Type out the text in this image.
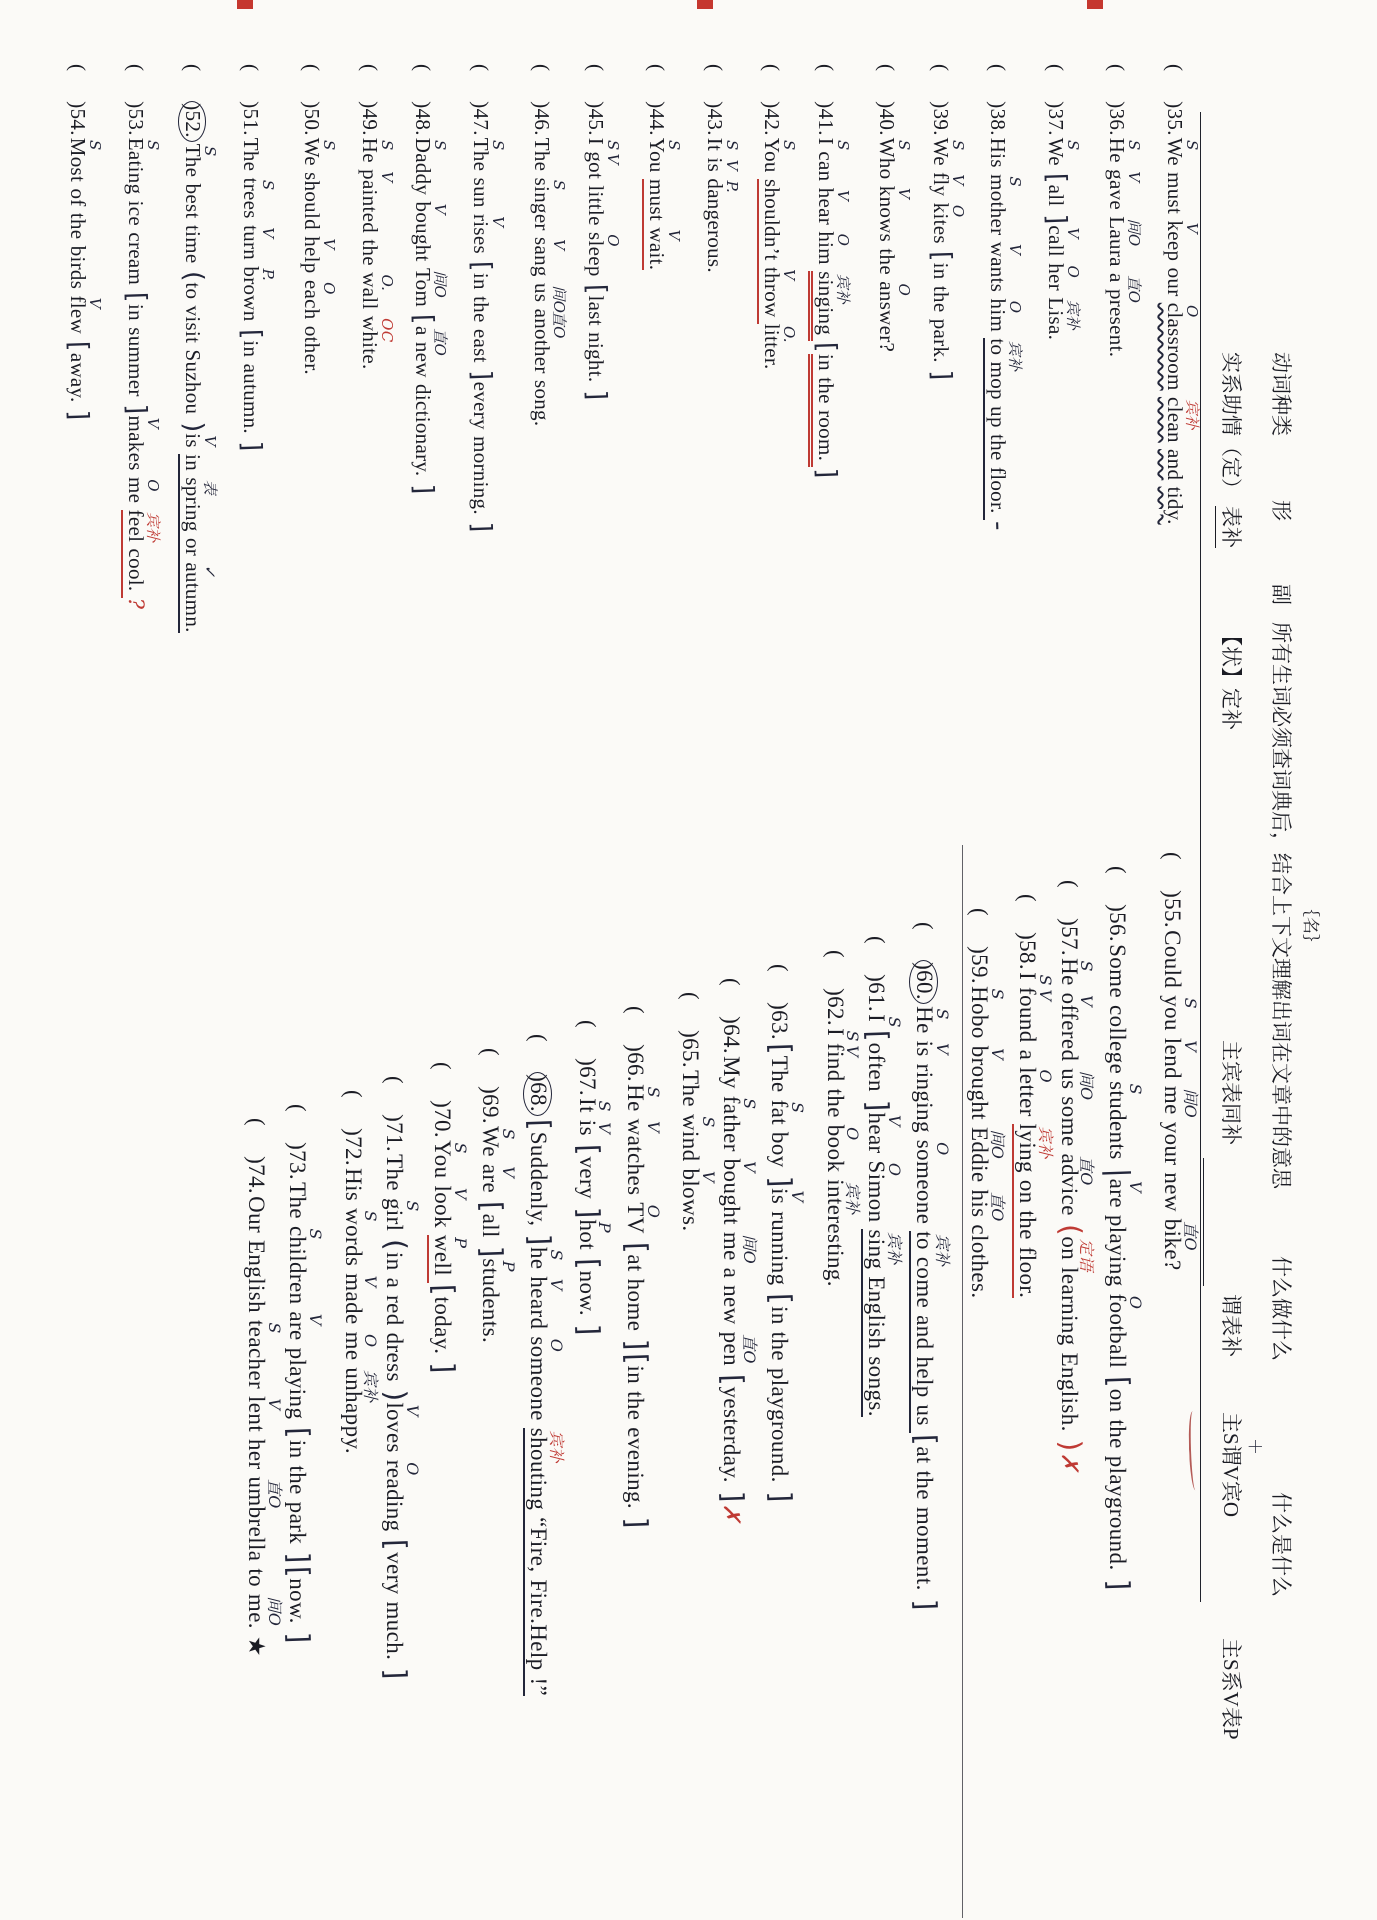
动词种类
形
副
所有生词必须查词典后，结合上下文理解出词在文章中的意思
什么做什么
什么是什么
实系助情（定）
表补
【状】定补
主宾表同补
谓表补
主S谓V宾O
主S系V表P
｛名｝
＋
()35.We
S
mustkeep
V
ourclassroom
O
clean
宾补
andtidy.
()36.He
S
gave
V
Laura
间O
a
直O
present.
()37.We
S
[all]call
V
her
O
Lisa.
宾补
()38.Hismother
S
wants
V
him
O
to
宾补
mopupthefloor.-
()39.We
S
fly
V
kites
O
[inthepark.]
()40.Who
S
knows
V
theanswer?
O
()41.I
S
canhear
V
him
O
singing
宾补
[intheroom.]
()42.You
S
shouldn’tthrow
V
litter.
O.
()43.It
S
is
V
dangerous.
P.
()44.You
S
mustwait.
V
()45.I
S
got
V
littlesleep
O
[lastnight.]
()46.Thesinger
S
sang
V
us
间O
another
直O
song.
()47.The
S
sunrises
V
[intheeast]everymorning.]
()48.Daddy
S
bought
V
Tom
间O
[a
直O
newdictionary.]
()49.He
S
painted
V
thewall
O.
white.
OC
()50.We
S
shouldhelp
V
each
O
other.
()51.Thetrees
S
turn
V
brown
P.
[inautumn.]
()52.The
S
besttime(tovisitSuzhou)is
V
inspring
表
orautumn.
✓
()53.Eating
S
icecream[insummer]makes
V
me
O
feel
宾补
cool.?
()54.Most
S
ofthebirdsflew
V
[away.]
()55.Couldyou
S
lend
V
me
间O
yournewbike?
直O
()56.Somecollegestudents
S
|are
V
playingfootball
O
[ontheplayground.]
()57.He
S
offered
V
us
间O
someadvice
直O
(on
定语
learningEnglish.)✗
()58.I
S
found
V
aletter
O
lying
宾补
onthefloor.
()59.Hobo
S
brought
V
Eddie
间O
his
直O
clothes.
()60.He
S
is
V
ringingsomeone
O
to
宾补
comeandhelpus[atthemoment.]
()61.I
S
[often]hear
V
Simon
O
sing
宾补
Englishsongs.
()62.I
S
find
V
thebook
O
interesting.
宾补
()63.[Thefat
S
boy]is
V
running[intheplayground.]
()64.Myfather
S
bought
V
me
间O
anewpen
直O
[yesterday.]✗
()65.Thewind
S
blows.
V
()66.He
S
watches
V
TV
O
[athome][intheevening.]
()67.It
S
is
V
[very]hot
P
[now.]
()68.[Suddenly,]he
S
heard
V
someone
O
shouting
宾补
“Fire,Fire.Help!”
()69.We
S
are
V
[all]students.
P
()70.You
S
look
V
well
P
[today.]
()71.Thegirl
S
(inareddress)loves
V
reading
O
[verymuch.]
()72.Hiswords
S
made
V
me
O
unhappy.
宾补
()73.Thechildren
S
are
V
playing[inthepark][now.]
()74.OurEnglishteacher
S
lent
V
herumbrella
直O
tome.
间O
★
